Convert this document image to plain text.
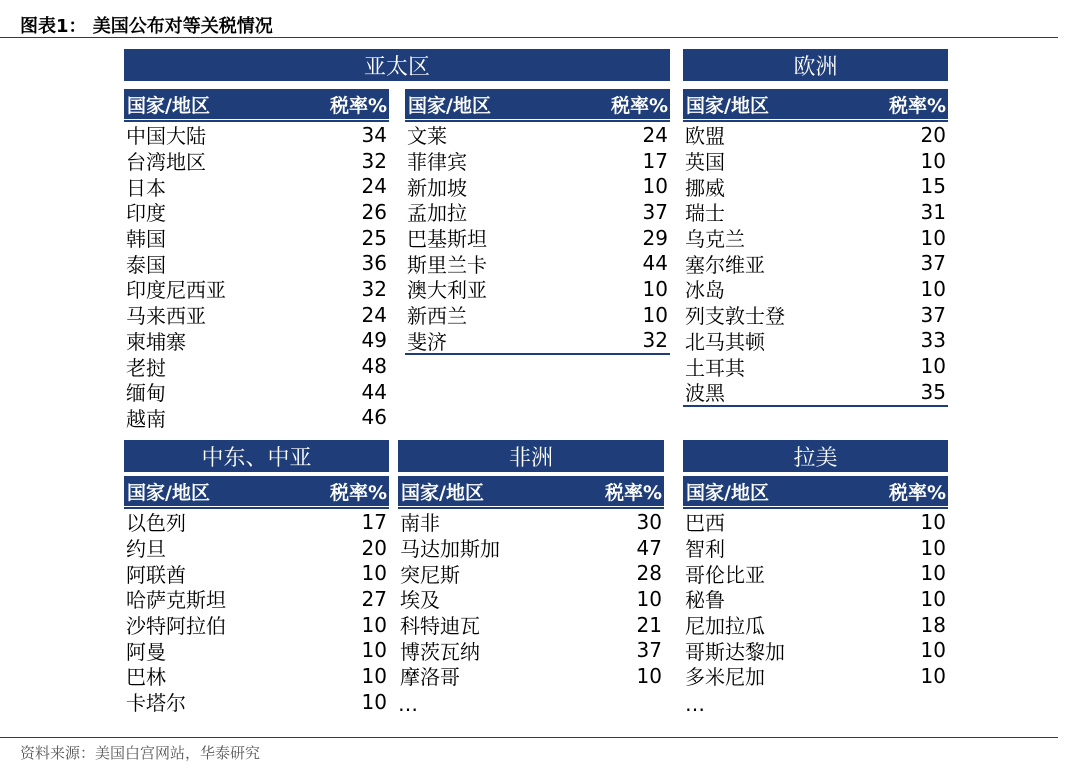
图表1： 美国公布对等关税情况
亚太区	欧洲
中东、中亚	非洲	拉美
国家/地区	税率%
中国大陆	34
台湾地区	32
日本	24
印度	26
韩国	25
泰国	36
印度尼西亚	32
马来西亚	24
柬埔寨	49
老挝	48
缅甸	44
越南	46
国家/地区	税率%
文莱	24
菲律宾	17
新加坡	10
孟加拉	37
巴基斯坦	29
斯里兰卡	44
澳大利亚	10
新西兰	10
斐济	32
国家/地区	税率%
欧盟	20
英国	10
挪威	15
瑞士	31
乌克兰	10
塞尔维亚	37
冰岛	10
列支敦士登	37
北马其顿	33
土耳其	10
波黑	35
国家/地区	税率%
以色列	17
约旦	20
阿联酋	10
哈萨克斯坦	27
沙特阿拉伯	10
阿曼	10
巴林	10
卡塔尔	10
国家/地区	税率%
南非	30
马达加斯加	47
突尼斯	28
埃及	10
科特迪瓦	21
博茨瓦纳	37
摩洛哥	10
国家/地区	税率%
巴西	10
智利	10
哥伦比亚	10
秘鲁	10
尼加拉瓜	18
哥斯达黎加	10
多米尼加	10
…	…
资料来源：美国白宫网站，华泰研究
